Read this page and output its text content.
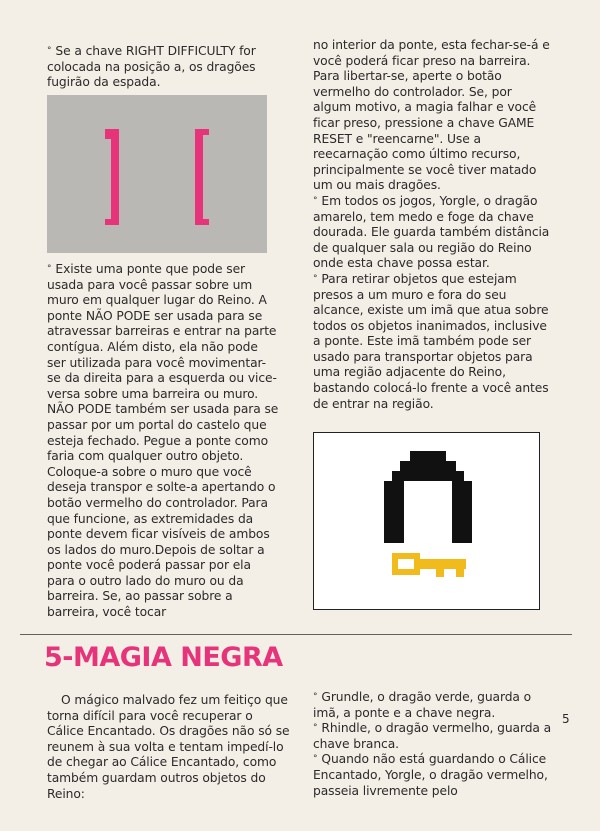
° Se a chave RIGHT DIFFICULTY for colocada na posição a, os dragões fugirão da espada.

° Existe uma ponte que pode ser usada para você passar sobre um muro em qualquer lugar do Reino. A ponte NÃO PODE ser usada para se atravessar barreiras e entrar na parte contígua. Além disto, ela não pode ser utilizada para você movimentar-se da direita para a esquerda ou vice-versa sobre uma barreira ou muro. NÃO PODE também ser usada para se passar por um portal do castelo que esteja fechado. Pegue a ponte como faria com qualquer outro objeto. Coloque-a sobre o muro que você deseja transpor e solte-a apertando o botão vermelho do controlador. Para que funcione, as extremidades da ponte devem ficar visíveis de ambos os lados do muro.Depois de soltar a ponte você poderá passar por ela para o outro lado do muro ou da barreira. Se, ao passar sobre a barreira, você tocar

no interior da ponte, esta fechar-se-á e você poderá ficar preso na barreira. Para libertar-se, aperte o botão vermelho do controlador. Se, por algum motivo, a magia falhar e você ficar preso, pressione a chave GAME RESET e "reencarne". Use a reecarnação como último recurso, principalmente se você tiver matado um ou mais dragões.

° Em todos os jogos, Yorgle, o dragão amarelo, tem medo e foge da chave dourada. Ele guarda também distância de qualquer sala ou região do Reino onde esta chave possa estar.

° Para retirar objetos que estejam presos a um muro e fora do seu alcance, existe um imã que atua sobre todos os objetos inanimados, inclusive a ponte. Este imã também pode ser usado para transportar objetos para uma região adjacente do Reino, bastando colocá-lo frente a você antes de entrar na região.

5-MAGIA NEGRA

O mágico malvado fez um feitiço que torna difícil para você recuperar o Cálice Encantado. Os dragões não só se reunem à sua volta e tentam impedí-lo de chegar ao Cálice Encantado, como também guardam outros objetos do Reino:

° Grundle, o dragão verde, guarda o imã, a ponte e a chave negra.

° Rhindle, o dragão vermelho, guarda a chave branca.

° Quando não está guardando o Cálice Encantado, Yorgle, o dragão vermelho, passeia livremente pelo

5
